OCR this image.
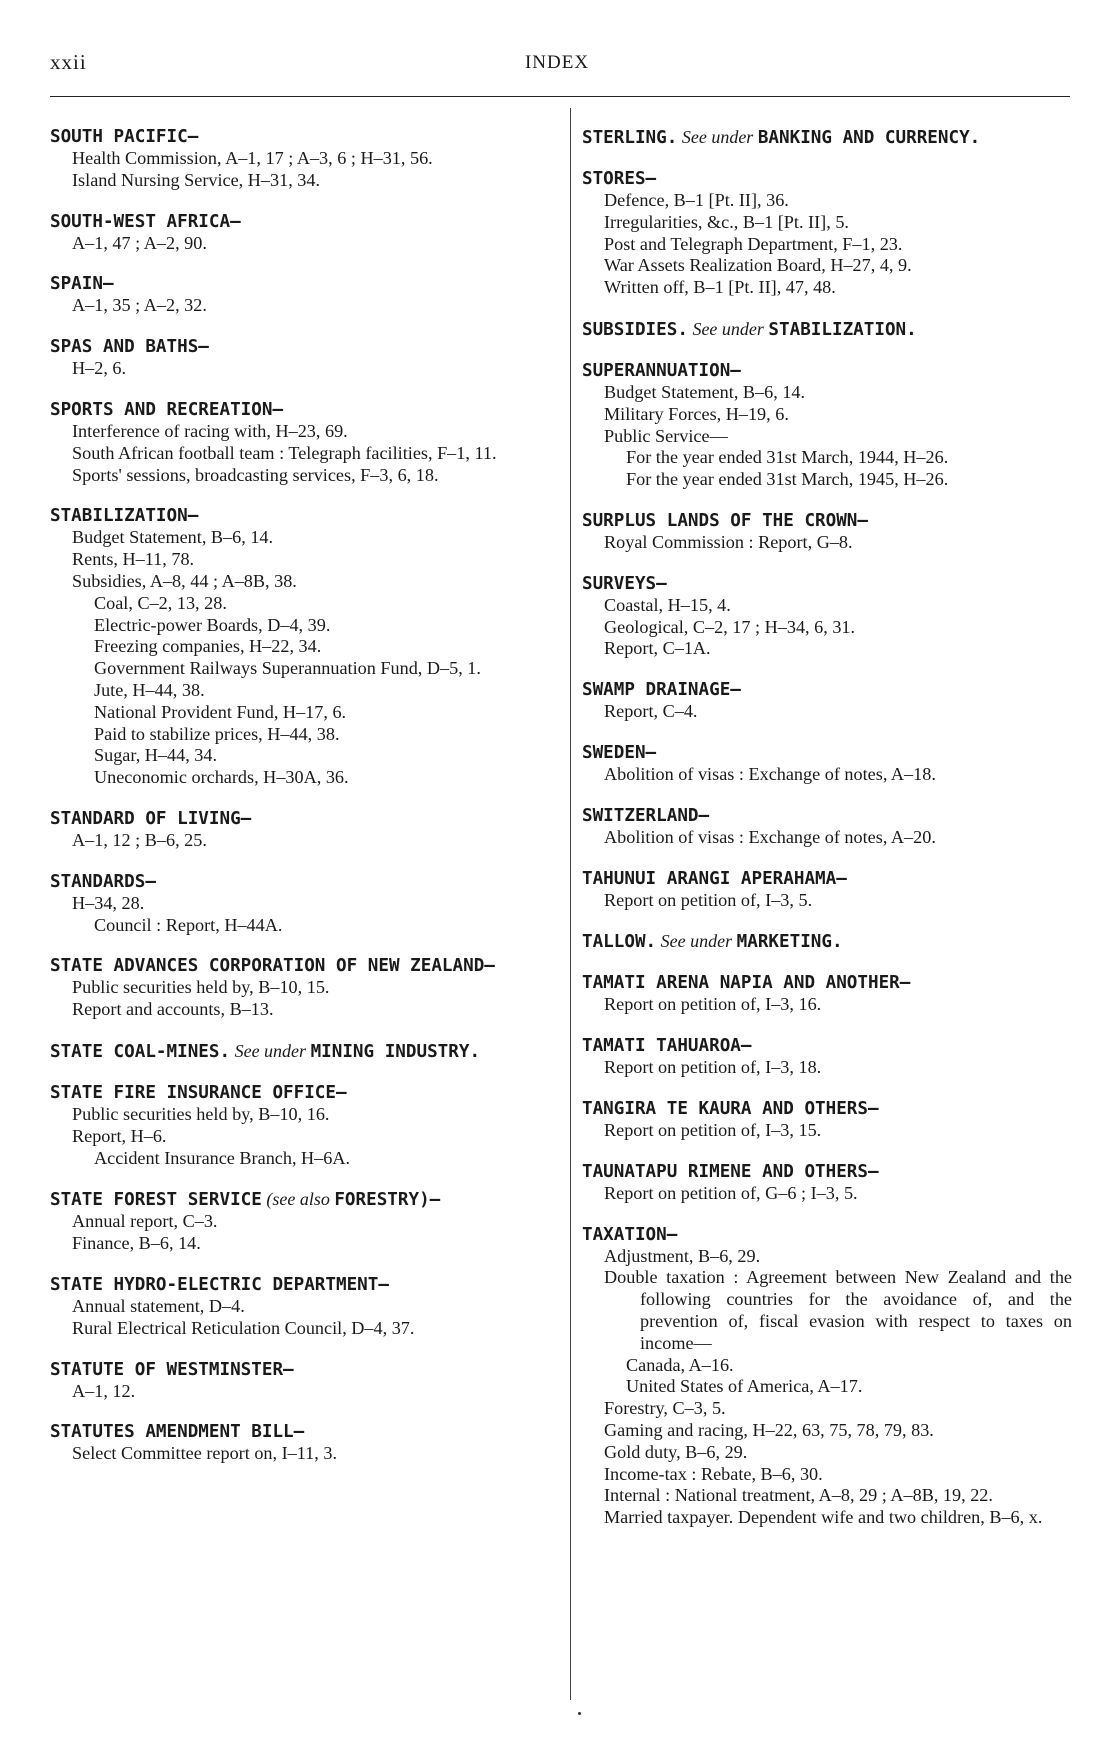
xxii	INDEX
SOUTH PACIFIC—
Health Commission, A–1, 17 ; A–3, 6 ; H–31, 56.
Island Nursing Service, H–31, 34.
SOUTH-WEST AFRICA—
A–1, 47 ; A–2, 90.
SPAIN—
A–1, 35 ; A–2, 32.
SPAS AND BATHS—
H–2, 6.
SPORTS AND RECREATION—
Interference of racing with, H–23, 69.
South African football team : Telegraph facilities, F–1, 11.
Sports' sessions, broadcasting services, F–3, 6, 18.
STABILIZATION—
Budget Statement, B–6, 14.
Rents, H–11, 78.
Subsidies, A–8, 44 ; A–8B, 38.
Coal, C–2, 13, 28.
Electric-power Boards, D–4, 39.
Freezing companies, H–22, 34.
Government Railways Superannuation Fund, D–5, 1.
Jute, H–44, 38.
National Provident Fund, H–17, 6.
Paid to stabilize prices, H–44, 38.
Sugar, H–44, 34.
Uneconomic orchards, H–30A, 36.
STANDARD OF LIVING—
A–1, 12 ; B–6, 25.
STANDARDS—
H–34, 28.
Council : Report, H–44A.
STATE ADVANCES CORPORATION OF NEW ZEALAND—
Public securities held by, B–10, 15.
Report and accounts, B–13.
STATE COAL-MINES. See under MINING INDUSTRY.
STATE FIRE INSURANCE OFFICE—
Public securities held by, B–10, 16.
Report, H–6.
Accident Insurance Branch, H–6A.
STATE FOREST SERVICE (see also FORESTRY)—
Annual report, C–3.
Finance, B–6, 14.
STATE HYDRO-ELECTRIC DEPARTMENT—
Annual statement, D–4.
Rural Electrical Reticulation Council, D–4, 37.
STATUTE OF WESTMINSTER—
A–1, 12.
STATUTES AMENDMENT BILL—
Select Committee report on, I–11, 3.
STERLING. See under BANKING AND CURRENCY.
STORES—
Defence, B–1 [Pt. II], 36.
Irregularities, &c., B–1 [Pt. II], 5.
Post and Telegraph Department, F–1, 23.
War Assets Realization Board, H–27, 4, 9.
Written off, B–1 [Pt. II], 47, 48.
SUBSIDIES. See under STABILIZATION.
SUPERANNUATION—
Budget Statement, B–6, 14.
Military Forces, H–19, 6.
Public Service—
For the year ended 31st March, 1944, H–26.
For the year ended 31st March, 1945, H–26.
SURPLUS LANDS OF THE CROWN—
Royal Commission : Report, G–8.
SURVEYS—
Coastal, H–15, 4.
Geological, C–2, 17 ; H–34, 6, 31.
Report, C–1A.
SWAMP DRAINAGE—
Report, C–4.
SWEDEN—
Abolition of visas : Exchange of notes, A–18.
SWITZERLAND—
Abolition of visas : Exchange of notes, A–20.
TAHUNUI ARANGI APERAHAMA—
Report on petition of, I–3, 5.
TALLOW. See under MARKETING.
TAMATI ARENA NAPIA AND ANOTHER—
Report on petition of, I–3, 16.
TAMATI TAHUAROA—
Report on petition of, I–3, 18.
TANGIRA TE KAURA AND OTHERS—
Report on petition of, I–3, 15.
TAUNATAPU RIMENE AND OTHERS—
Report on petition of, G–6 ; I–3, 5.
TAXATION—
Adjustment, B–6, 29.
Double taxation : Agreement between New Zealand and the following countries for the avoidance of, and the prevention of, fiscal evasion with respect to taxes on income—
Canada, A–16.
United States of America, A–17.
Forestry, C–3, 5.
Gaming and racing, H–22, 63, 75, 78, 79, 83.
Gold duty, B–6, 29.
Income-tax : Rebate, B–6, 30.
Internal : National treatment, A–8, 29 ; A–8B, 19, 22.
Married taxpayer. Dependent wife and two children, B–6, x.
